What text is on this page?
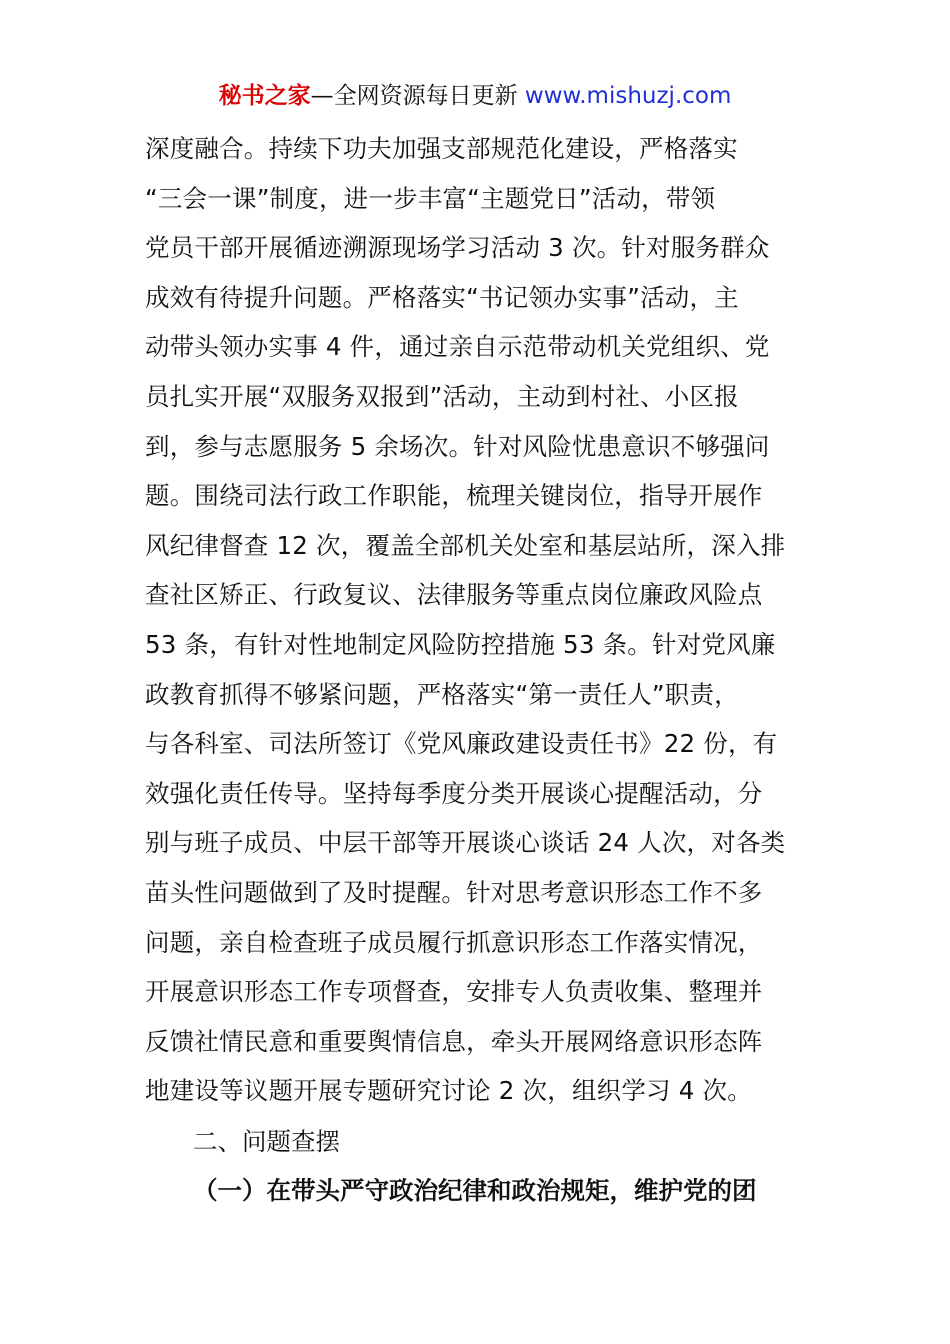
秘书之家—全网资源每日更新 www.mishuzj.com
深度融合。持续下功夫加强支部规范化建设，严格落实
“三会一课”制度，进一步丰富“主题党日”活动，带领
党员干部开展循迹溯源现场学习活动 3 次。针对服务群众
成效有待提升问题。严格落实“书记领办实事”活动，主
动带头领办实事 4 件，通过亲自示范带动机关党组织、党
员扎实开展“双服务双报到”活动，主动到村社、小区报
到，参与志愿服务 5 余场次。针对风险忧患意识不够强问
题。围绕司法行政工作职能，梳理关键岗位，指导开展作
风纪律督查 12 次，覆盖全部机关处室和基层站所，深入排
查社区矫正、行政复议、法律服务等重点岗位廉政风险点
53 条，有针对性地制定风险防控措施 53 条。针对党风廉
政教育抓得不够紧问题，严格落实“第一责任人”职责，
与各科室、司法所签订《党风廉政建设责任书》22 份，有
效强化责任传导。坚持每季度分类开展谈心提醒活动，分
别与班子成员、中层干部等开展谈心谈话 24 人次，对各类
苗头性问题做到了及时提醒。针对思考意识形态工作不多
问题，亲自检查班子成员履行抓意识形态工作落实情况，
开展意识形态工作专项督查，安排专人负责收集、整理并
反馈社情民意和重要舆情信息，牵头开展网络意识形态阵
地建设等议题开展专题研究讨论 2 次，组织学习 4 次。
二、问题查摆
（一）在带头严守政治纪律和政治规矩，维护党的团
